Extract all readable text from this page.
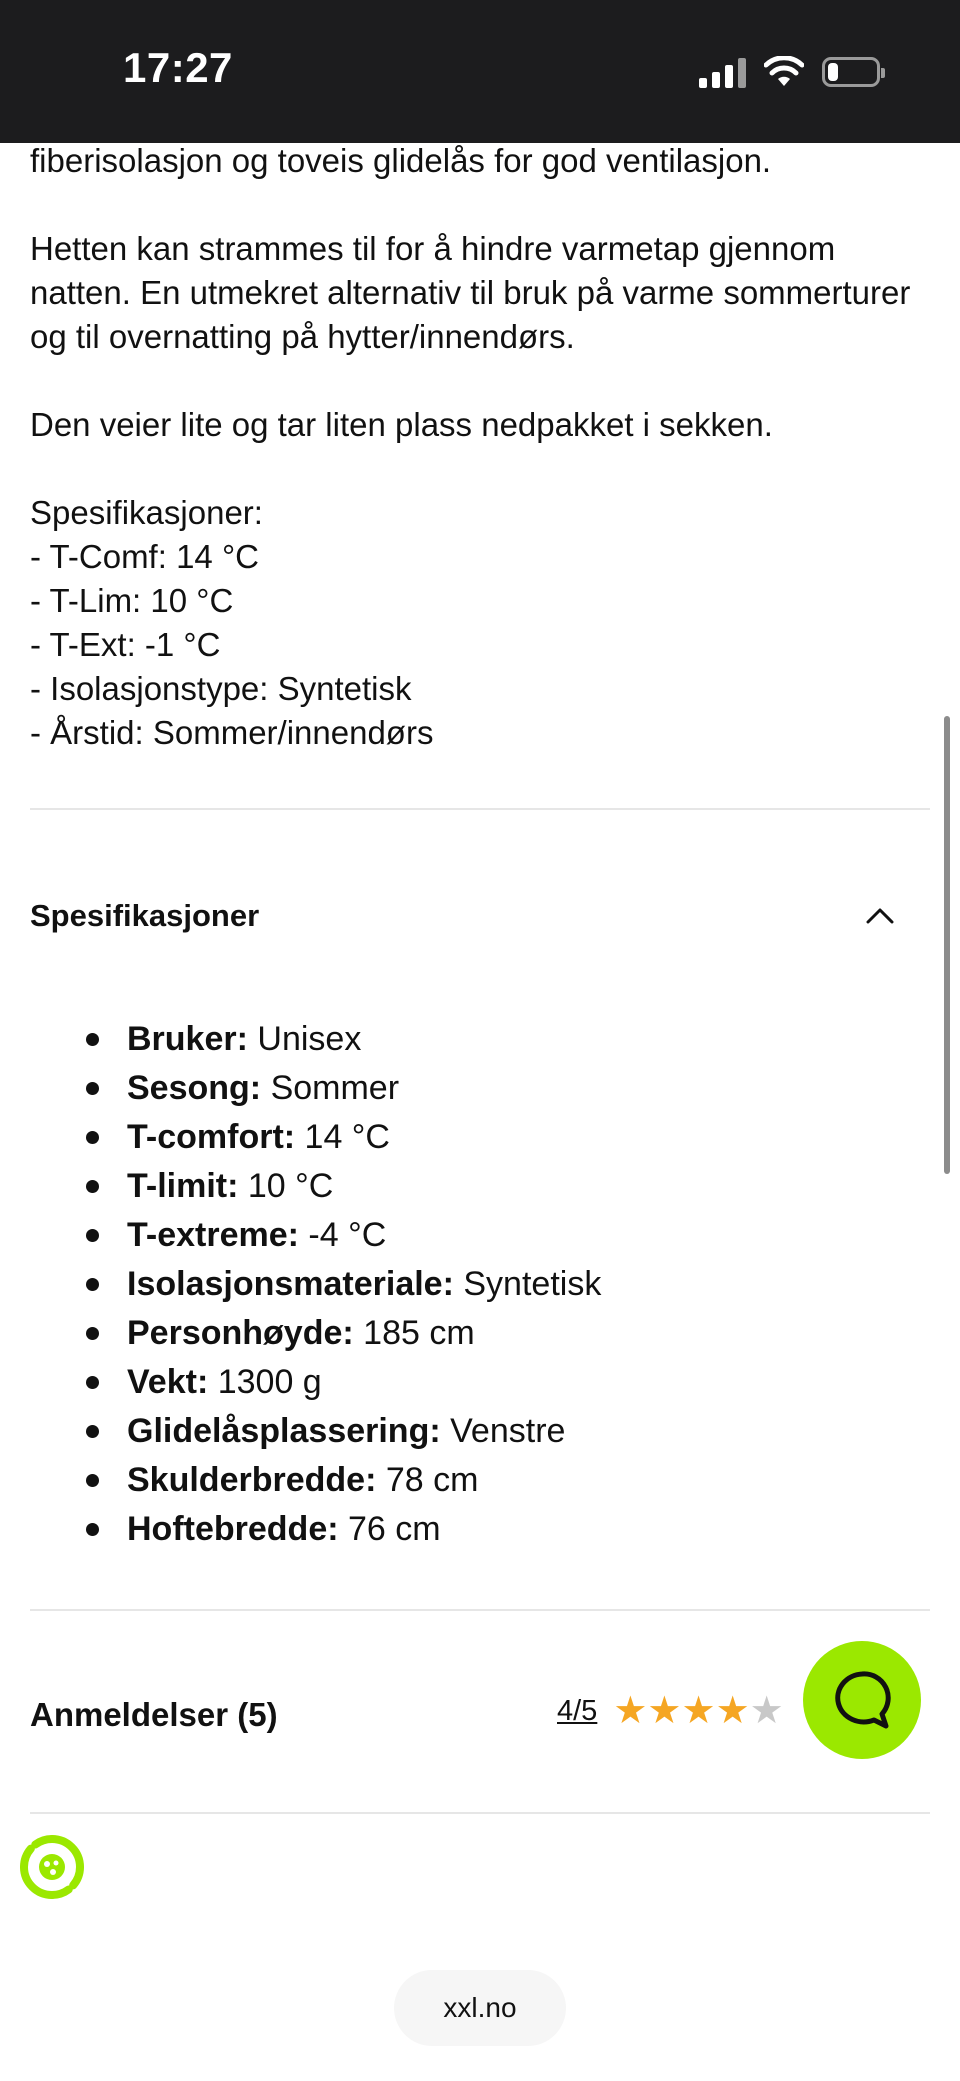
17:27

fiberisolasjon og toveis glidelås for god ventilasjon.

Hetten kan strammes til for å hindre varmetap gjennom natten. En utmekret alternativ til bruk på varme sommerturer og til overnatting på hytter/innendørs.

Den veier lite og tar liten plass nedpakket i sekken.

Spesifikasjoner:

- T-Comf: 14 °C

- T-Lim: 10 °C

- T-Ext: -1 °C

- Isolasjonstype: Syntetisk

- Årstid: Sommer/innendørs

Spesifikasjoner
Bruker: Unisex
Sesong: Sommer
T-comfort: 14 °C
T-limit: 10 °C
T-extreme: -4 °C
Isolasjonsmateriale: Syntetisk
Personhøyde: 185 cm
Vekt: 1300 g
Glidelåsplassering: Venstre
Skulderbredde: 78 cm
Hoftebredde: 76 cm
Anmeldelser (5)	4/5 ★★★★★
xxl.no
